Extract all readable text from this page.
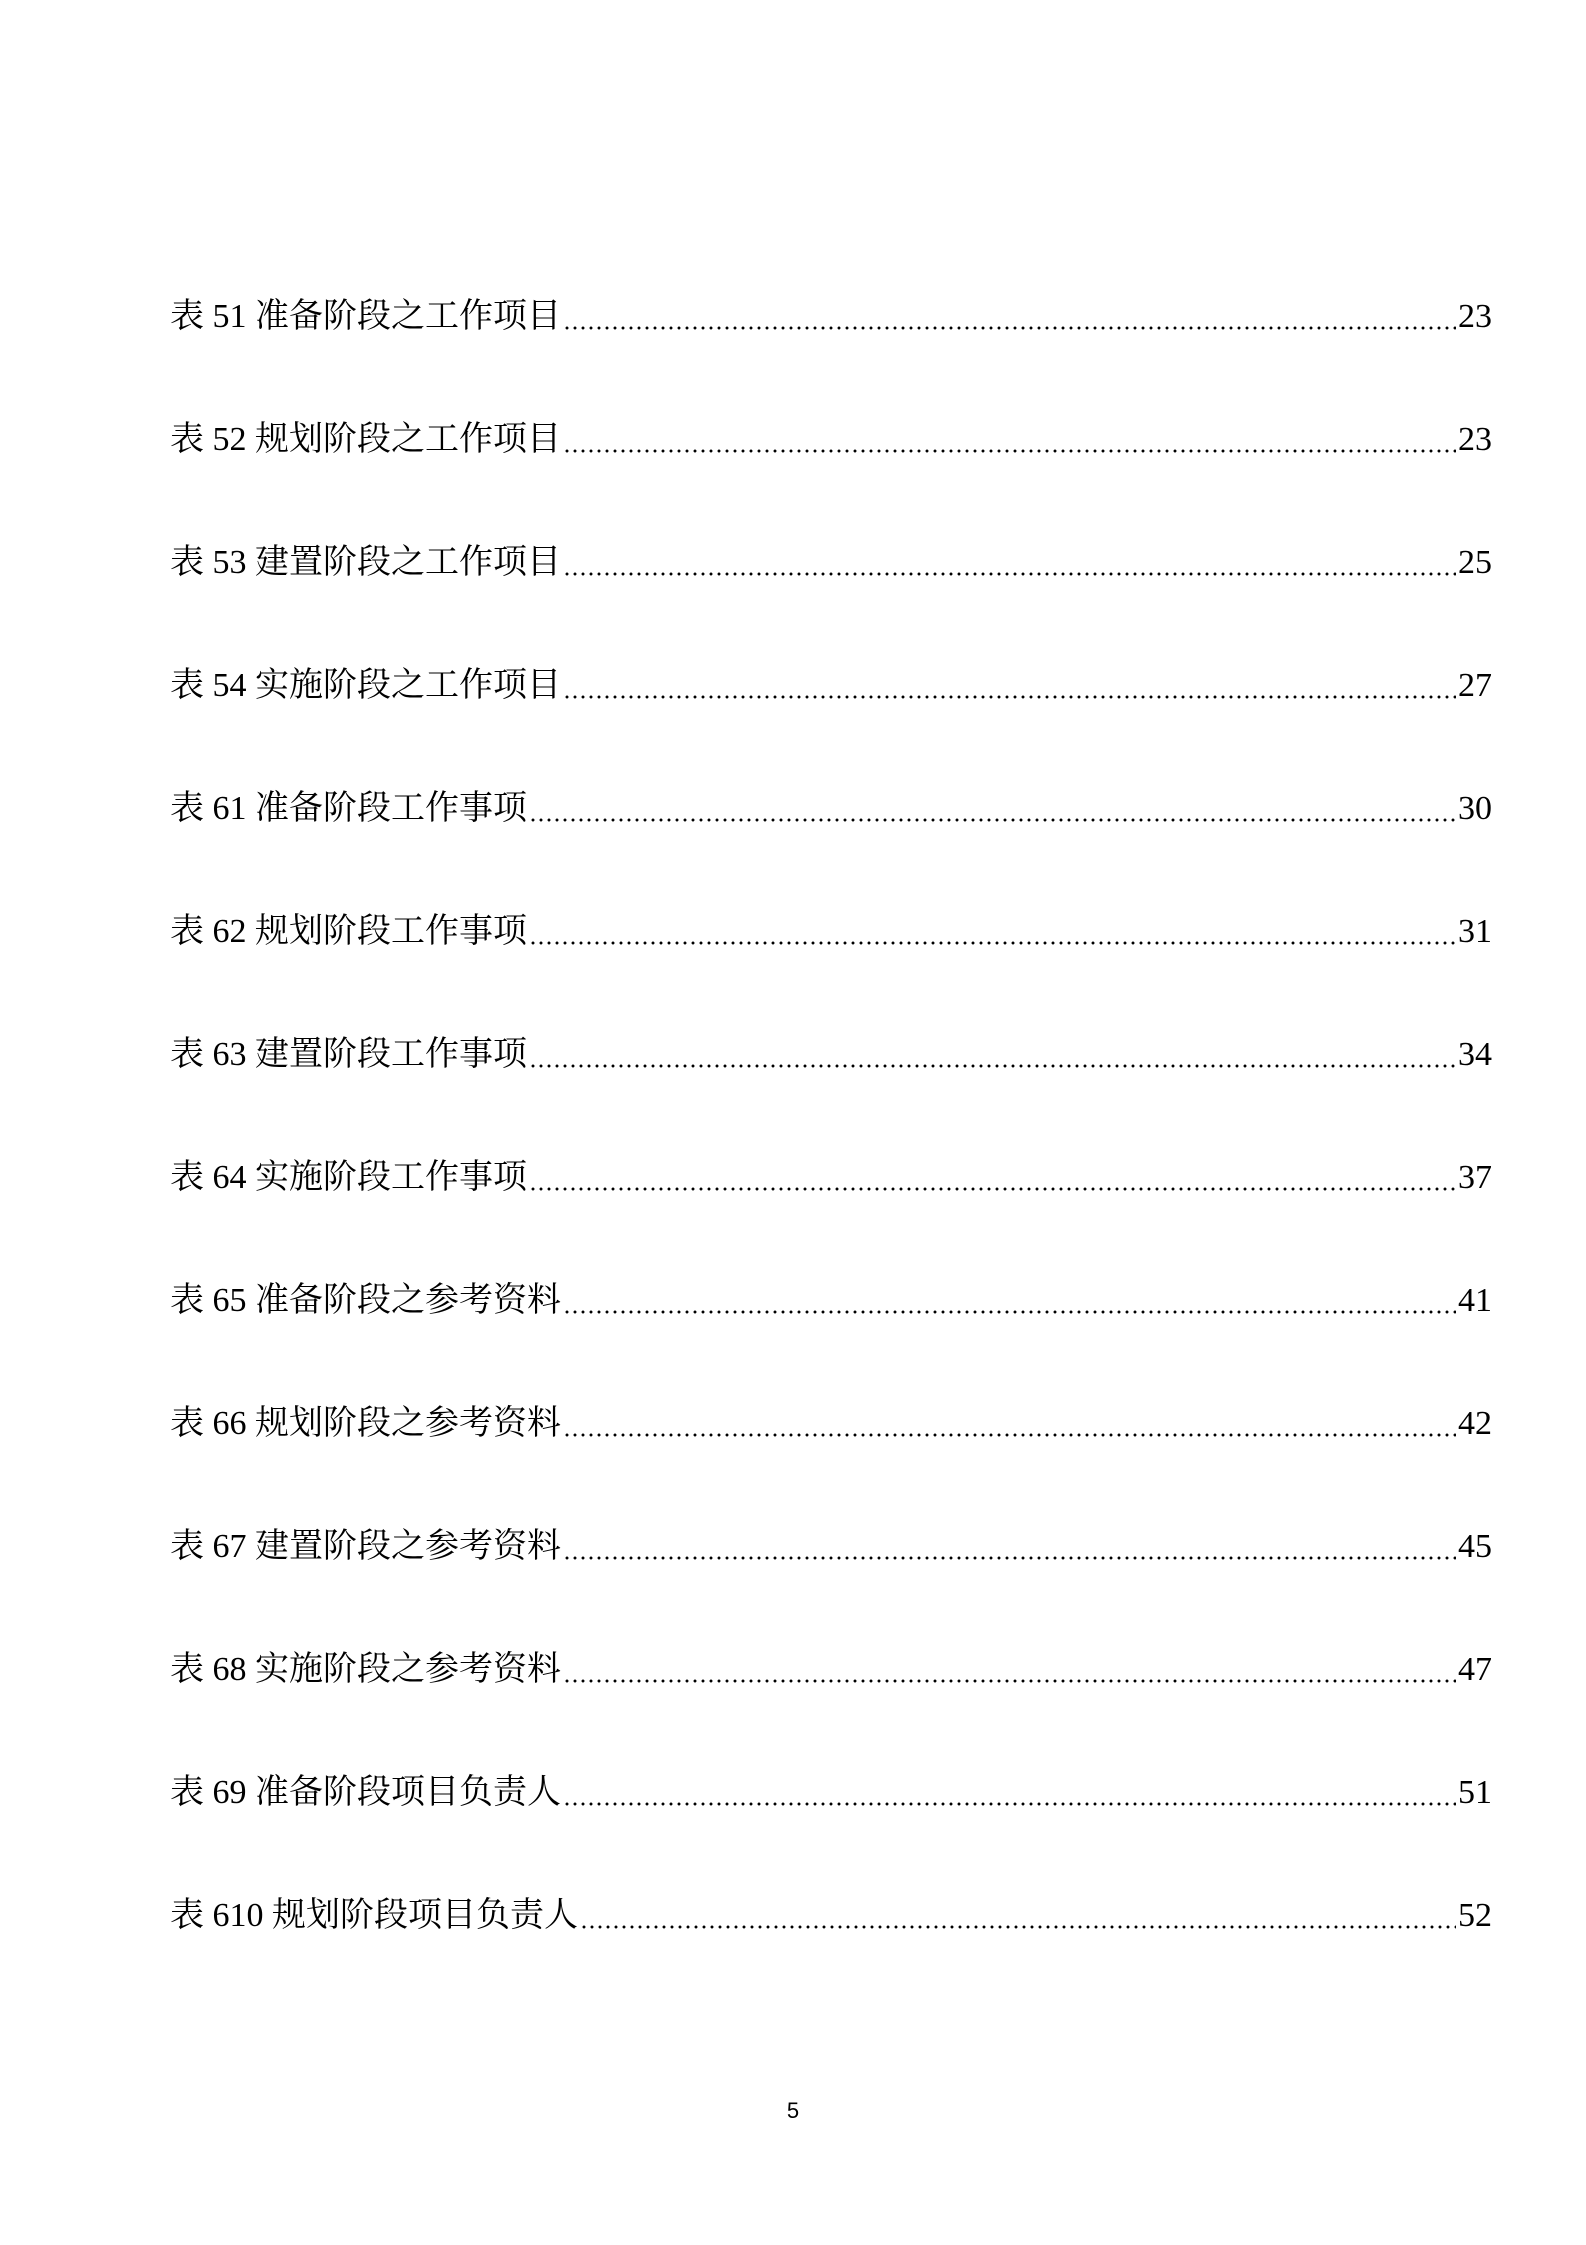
表 51 准备阶段之工作项目	23
表 52 规划阶段之工作项目	23
表 53 建置阶段之工作项目	25
表 54 实施阶段之工作项目	27
表 61 准备阶段工作事项	30
表 62 规划阶段工作事项	31
表 63 建置阶段工作事项	34
表 64 实施阶段工作事项	37
表 65 准备阶段之参考资料	41
表 66 规划阶段之参考资料	42
表 67 建置阶段之参考资料	45
表 68 实施阶段之参考资料	47
表 69 准备阶段项目负责人	51
表 610 规划阶段项目负责人	52
5
